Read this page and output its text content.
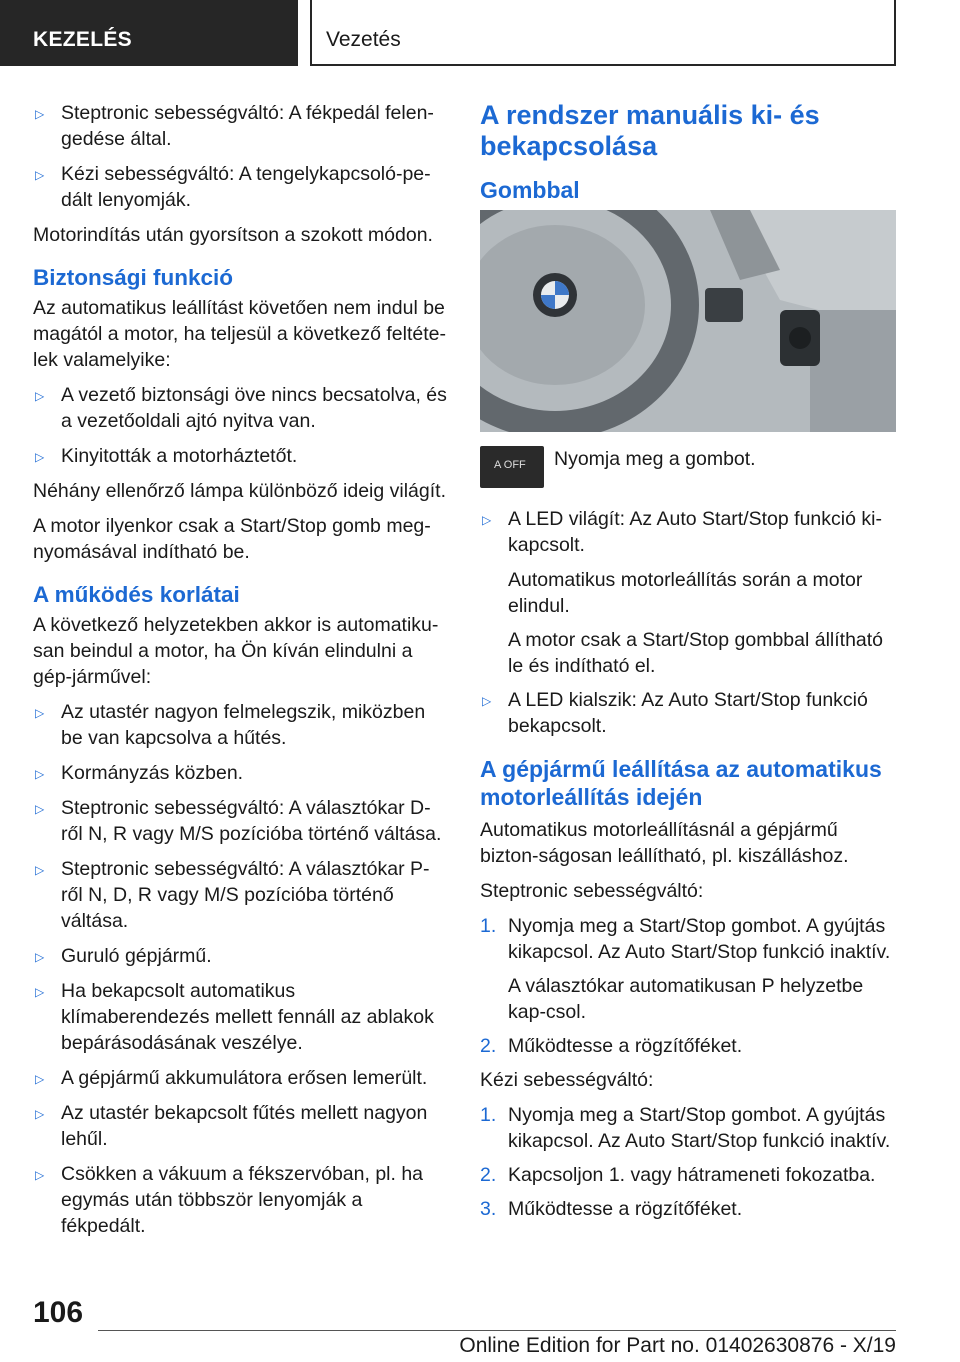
KEZELÉS	Vezetés
▷ Steptronic sebességváltó: A fékpedál felen-gedése által.
▷ Kézi sebességváltó: A tengelykapcsoló-pe-dált lenyomják.
Motorindítás után gyorsítson a szokott módon.
Biztonsági funkció
Az automatikus leállítást követően nem indul be magától a motor, ha teljesül a következő feltéte-lek valamelyike:
▷ A vezető biztonsági öve nincs becsatolva, és a vezetőoldali ajtó nyitva van.
▷ Kinyitották a motorháztetőt.
Néhány ellenőrző lámpa különböző ideig világít.
A motor ilyenkor csak a Start/Stop gomb meg-nyomásával indítható be.
A működés korlátai
A következő helyzetekben akkor is automatiku-san beindul a motor, ha Ön kíván elindulni a gép-járművel:
▷ Az utastér nagyon felmelegszik, miközben be van kapcsolva a hűtés.
▷ Kormányzás közben.
▷ Steptronic sebességváltó: A választókar D-ről N, R vagy M/S pozícióba történő váltása.
▷ Steptronic sebességváltó: A választókar P-ről N, D, R vagy M/S pozícióba történő váltása.
▷ Guruló gépjármű.
▷ Ha bekapcsolt automatikus klímaberendezés mellett fennáll az ablakok bepárásodásának veszélye.
▷ A gépjármű akkumulátora erősen lemerült.
▷ Az utastér bekapcsolt fűtés mellett nagyon lehűl.
▷ Csökken a vákuum a fékszervóban, pl. ha egymás után többször lenyomják a fékpedált.
A rendszer manuális ki- és bekapcsolása
Gombbal
A OFF Nyomja meg a gombot.
▷ A LED világít: Az Auto Start/Stop funkció ki-kapcsolt.
Automatikus motorleállítás során a motor elindul.
A motor csak a Start/Stop gombbal állítható le és indítható el.
▷ A LED kialszik: Az Auto Start/Stop funkció bekapcsolt.
A gépjármű leállítása az automatikus motorleállítás idején
Automatikus motorleállításnál a gépjármű bizton-ságosan leállítható, pl. kiszálláshoz.
Steptronic sebességváltó:
1. Nyomja meg a Start/Stop gombot. A gyújtás kikapcsol. Az Auto Start/Stop funkció inaktív.
A választókar automatikusan P helyzetbe kap-csol.
2. Működtesse a rögzítőféket.
Kézi sebességváltó:
1. Nyomja meg a Start/Stop gombot. A gyújtás kikapcsol. Az Auto Start/Stop funkció inaktív.
2. Kapcsoljon 1. vagy hátrameneti fokozatba.
3. Működtesse a rögzítőféket.
106
Online Edition for Part no. 01402630876 - X/19
